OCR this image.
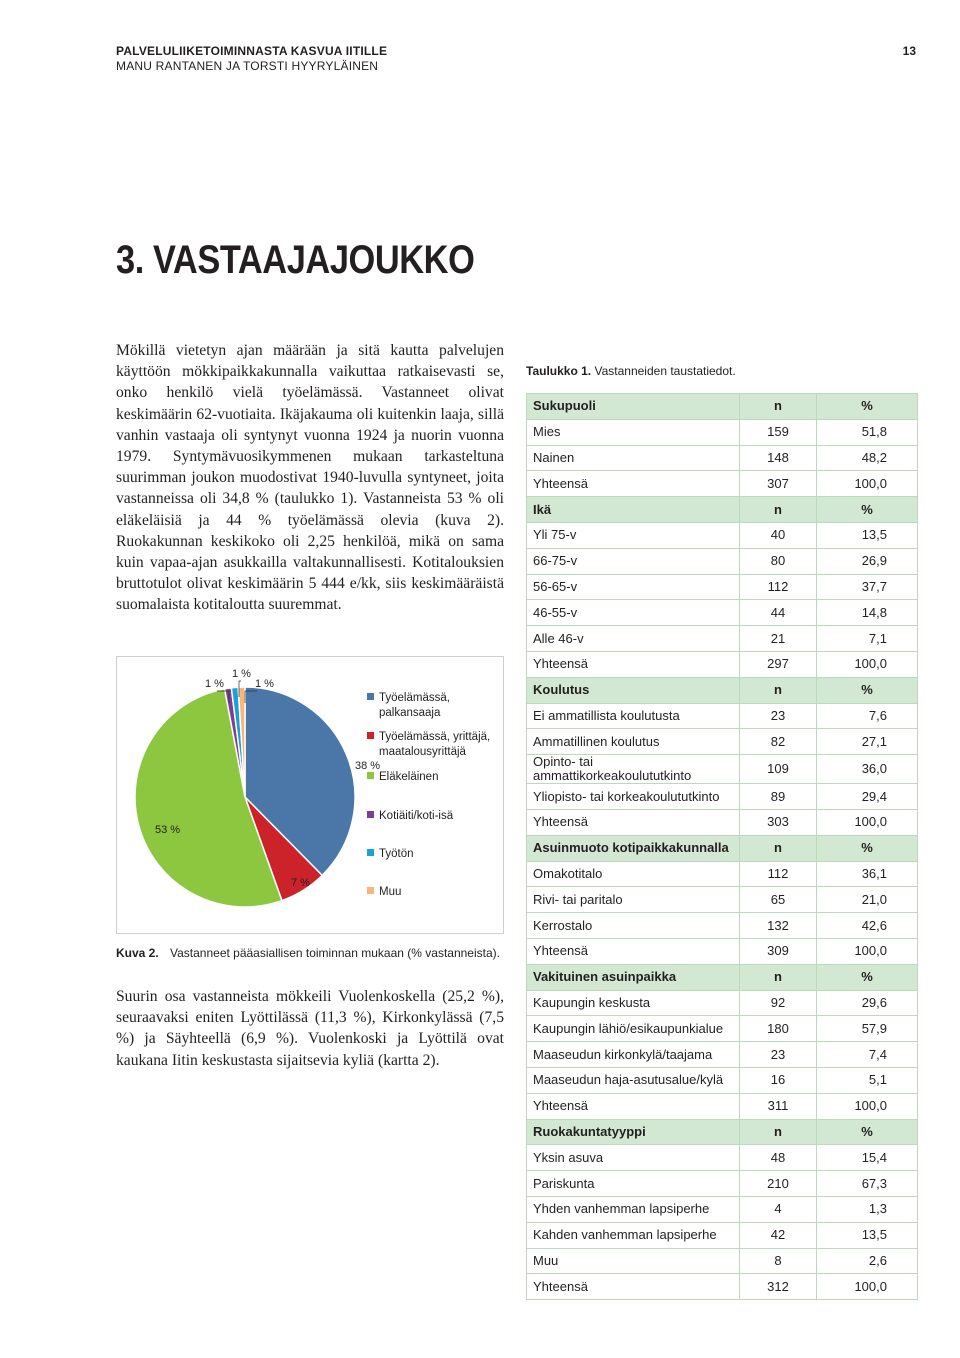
PALVELULIIKETOIMINNASTA KASVUA IITILLE
MANU RANTANEN JA TORSTI HYYRYLÄINEN
13
3. VASTAAJAJOUKKO

Mökillä vietetyn ajan määrään ja sitä kautta palvelujen käyttöön mökkipaikkakunnalla vaikuttaa ratkaisevasti se, onko henkilö vielä työelämässä. Vastanneet olivat keskimäärin 62-vuotiaita. Ikäjakauma oli kuitenkin laaja, sillä vanhin vastaaja oli syntynyt vuonna 1924 ja nuorin vuonna 1979. Syntymävuosikymmenen mukaan tarkasteltuna suurimman joukon muodostivat 1940-luvulla syntyneet, joita vastanneissa oli 34,8 % (taulukko 1). Vastanneista 53 % oli eläkeläisiä ja 44 % työelämässä olevia (kuva 2). Ruokakunnan keskikoko oli 2,25 henkilöä, mikä on sama kuin vapaa-ajan asukkailla valtakunnallisesti. Kotitalouksien bruttotulot olivat keskimäärin 5 444 e/kk, siis keskimääräistä suomalaista kotitaloutta suuremmat.

38 %
7 %
53 %
1 %
1 %
1 %
Työelämässä, palkansaaja
Työelämässä, yrittäjä, maatalousyrittäjä
Eläkeläinen
Kotiäiti/koti-isä
Työtön
Muu
Kuva 2. Vastanneet pääasiallisen toiminnan mukaan (% vastanneista).

Suurin osa vastanneista mökkeili Vuolenkoskella (25,2 %), seuraavaksi eniten Lyöttilässä (11,3 %), Kirkonkylässä (7,5 %) ja Säyhteellä (6,9 %). Vuolenkoski ja Lyöttilä ovat kaukana Iitin keskustasta sijaitsevia kyliä (kartta 2).

Taulukko 1. Vastanneiden taustatiedot.
Sukupuoli	n	%
Mies	159	51,8
Nainen	148	48,2
Yhteensä	307	100,0
Ikä	n	%
Yli 75-v	40	13,5
66-75-v	80	26,9
56-65-v	112	37,7
46-55-v	44	14,8
Alle 46-v	21	7,1
Yhteensä	297	100,0
Koulutus	n	%
Ei ammatillista koulutusta	23	7,6
Ammatillinen koulutus	82	27,1
Opinto- tai ammattikorkeakoulututkinto	109	36,0
Yliopisto- tai korkeakoulututkinto	89	29,4
Yhteensä	303	100,0
Asuinmuoto kotipaikkakunnalla	n	%
Omakotitalo	112	36,1
Rivi- tai paritalo	65	21,0
Kerrostalo	132	42,6
Yhteensä	309	100,0
Vakituinen asuinpaikka	n	%
Kaupungin keskusta	92	29,6
Kaupungin lähiö/esikaupunkialue	180	57,9
Maaseudun kirkonkylä/taajama	23	7,4
Maaseudun haja-asutusalue/kylä	16	5,1
Yhteensä	311	100,0
Ruokakuntatyyppi	n	%
Yksin asuva	48	15,4
Pariskunta	210	67,3
Yhden vanhemman lapsiperhe	4	1,3
Kahden vanhemman lapsiperhe	42	13,5
Muu	8	2,6
Yhteensä	312	100,0
